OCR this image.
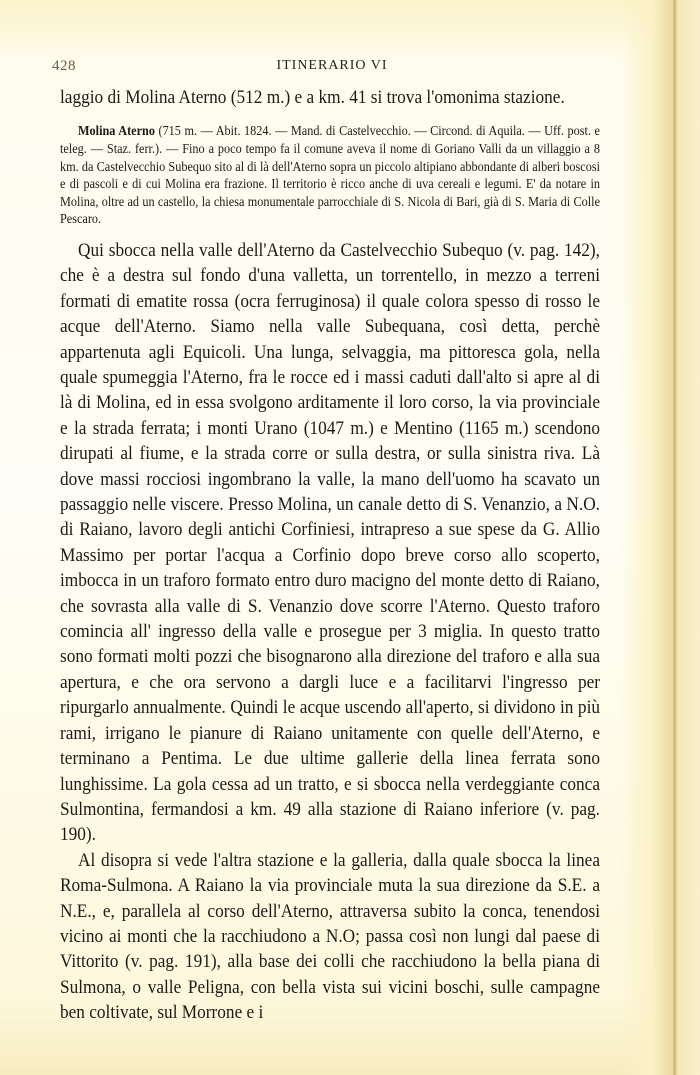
428	ITINERARIO VI

laggio di Molina Aterno (512 m.) e a km. 41 si trova l'omonima stazione.

Molina Aterno (715 m. — Abit. 1824. — Mand. di Castelvecchio. — Circond. di Aquila. — Uff. post. e teleg. — Staz. ferr.). — Fino a poco tempo fa il comune aveva il nome di Goriano Valli da un villaggio a 8 km. da Castelvecchio Subequo sito al di là dell'Aterno sopra un piccolo altipiano abbondante di alberi boscosi e di pascoli e di cui Molina era frazione. Il territorio è ricco anche di uva cereali e legumi. E' da notare in Molina, oltre ad un castello, la chiesa monumentale parrocchiale di S. Nicola di Bari, già di S. Maria di Colle Pescaro.

Qui sbocca nella valle dell'Aterno da Castelvecchio Subequo (v. pag. 142), che è a destra sul fondo d'una valletta, un torrentello, in mezzo a terreni formati di ematite rossa (ocra ferruginosa) il quale colora spesso di rosso le acque dell'Aterno. Siamo nella valle Subequana, così detta, perchè appartenuta agli Equicoli. Una lunga, selvaggia, ma pittoresca gola, nella quale spumeggia l'Aterno, fra le rocce ed i massi caduti dall'alto si apre al di là di Molina, ed in essa svolgono arditamente il loro corso, la via provinciale e la strada ferrata; i monti Urano (1047 m.) e Mentino (1165 m.) scendono dirupati al fiume, e la strada corre or sulla destra, or sulla sinistra riva. Là dove massi rocciosi ingombrano la valle, la mano dell'uomo ha scavato un passaggio nelle viscere. Presso Molina, un canale detto di S. Venanzio, a N.O. di Raiano, lavoro degli antichi Corfiniesi, intrapreso a sue spese da G. Allio Massimo per portar l'acqua a Corfinio dopo breve corso allo scoperto, imbocca in un traforo formato entro duro macigno del monte detto di Raiano, che sovrasta alla valle di S. Venanzio dove scorre l'Aterno. Questo traforo comincia all' ingresso della valle e prosegue per 3 miglia. In questo tratto sono formati molti pozzi che bisognarono alla direzione del traforo e alla sua apertura, e che ora servono a dargli luce e a facilitarvi l'ingresso per ripurgarlo annualmente. Quindi le acque uscendo all'aperto, si dividono in più rami, irrigano le pianure di Raiano unitamente con quelle dell'Aterno, e terminano a Pentima. Le due ultime gallerie della linea ferrata sono lunghissime. La gola cessa ad un tratto, e si sbocca nella verdeggiante conca Sulmontina, fermandosi a km. 49 alla stazione di Raiano inferiore (v. pag. 190).

Al disopra si vede l'altra stazione e la galleria, dalla quale sbocca la linea Roma-Sulmona. A Raiano la via provinciale muta la sua direzione da S.E. a N.E., e, parallela al corso dell'Aterno, attraversa subito la conca, tenendosi vicino ai monti che la racchiudono a N.O; passa così non lungi dal paese di Vittorito (v. pag. 191), alla base dei colli che racchiudono la bella piana di Sulmona, o valle Peligna, con bella vista sui vicini boschi, sulle campagne ben coltivate, sul Morrone e i
